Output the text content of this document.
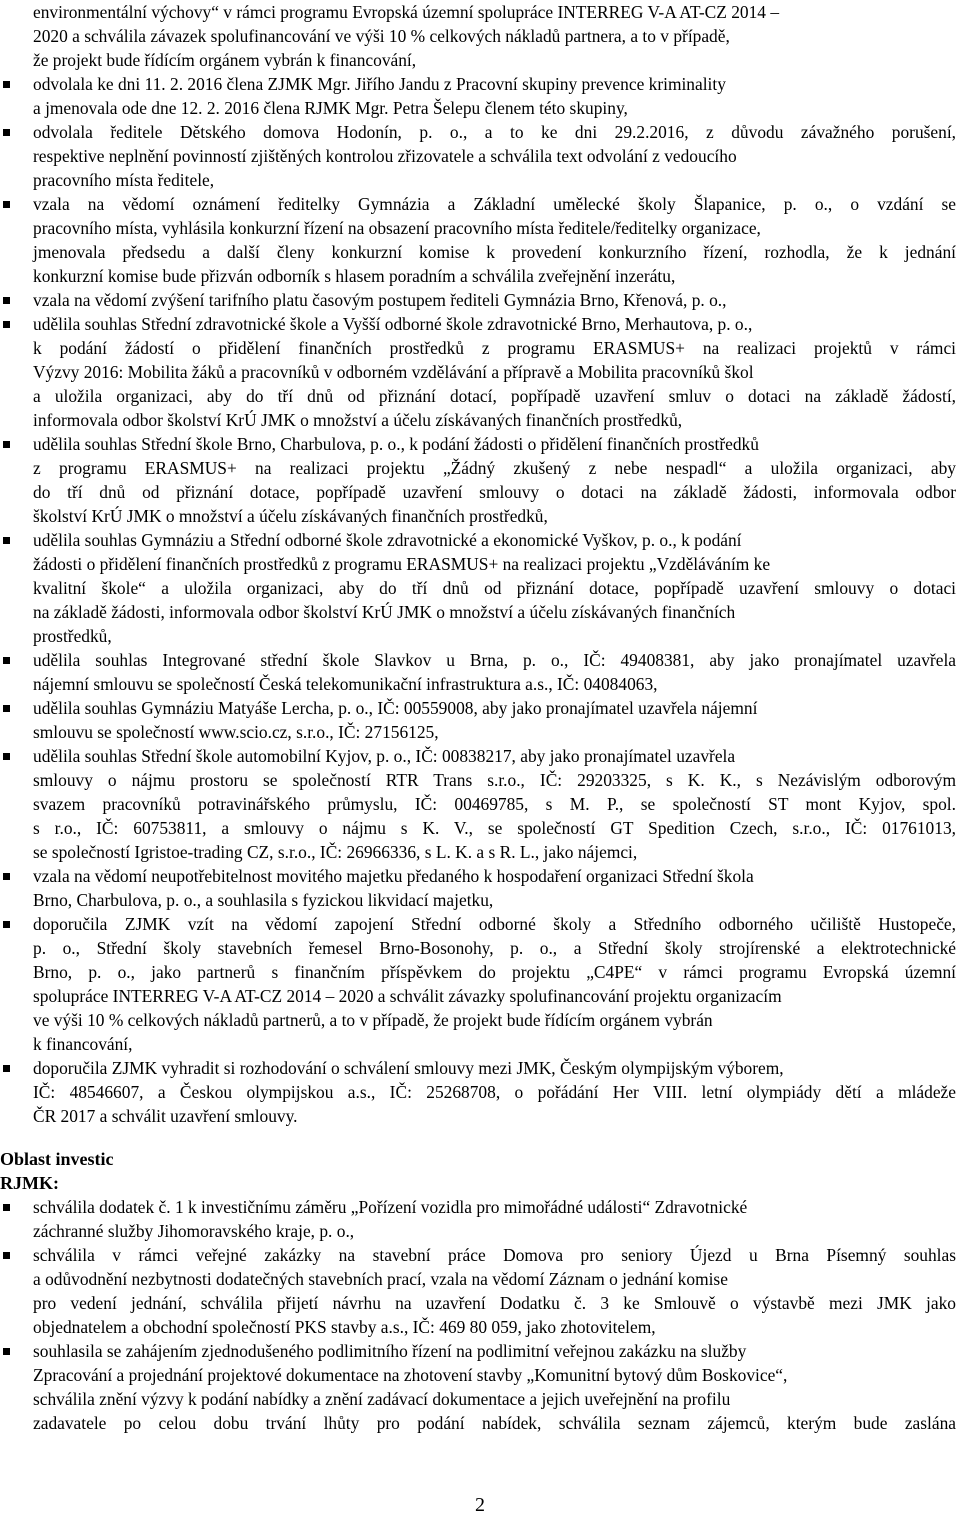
environmentální výchovy“ v rámci programu Evropská územní spolupráce INTERREG V-A AT-CZ 2014 –
2020 a schválila závazek spolufinancování ve výši 10 % celkových nákladů partnera, a to v případě,
že projekt bude řídícím orgánem vybrán k financování,
odvolala ke dni 11. 2. 2016 člena ZJMK Mgr. Jiřího Jandu z Pracovní skupiny prevence kriminality
a jmenovala ode dne 12. 2. 2016 člena RJMK Mgr. Petra Šelepu členem této skupiny,
odvolala ředitele Dětského domova Hodonín, p. o., a to ke dni 29.2.2016, z důvodu závažného porušení,
respektive neplnění povinností zjištěných kontrolou zřizovatele a schválila text odvolání z vedoucího
pracovního místa ředitele,
vzala na vědomí oznámení ředitelky Gymnázia a Základní umělecké školy Šlapanice, p. o., o vzdání se
pracovního místa, vyhlásila konkurzní řízení na obsazení pracovního místa ředitele/ředitelky organizace,
jmenovala předsedu a další členy konkurzní komise k provedení konkurzního řízení, rozhodla, že k jednání
konkurzní komise bude přizván odborník s hlasem poradním a schválila zveřejnění inzerátu,
vzala na vědomí zvýšení tarifního platu časovým postupem řediteli Gymnázia Brno, Křenová, p. o.,
udělila souhlas Střední zdravotnické škole a Vyšší odborné škole zdravotnické Brno, Merhautova, p. o.,
k podání žádostí o přidělení finančních prostředků z programu ERASMUS+ na realizaci projektů v rámci
Výzvy 2016: Mobilita žáků a pracovníků v odborném vzdělávání a přípravě a Mobilita pracovníků škol
a uložila organizaci, aby do tří dnů od přiznání dotací, popřípadě uzavření smluv o dotaci na základě žádostí,
informovala odbor školství KrÚ JMK o množství a účelu získávaných finančních prostředků,
udělila souhlas Střední škole Brno, Charbulova, p. o., k podání žádosti o přidělení finančních prostředků
z programu ERASMUS+ na realizaci projektu „Žádný zkušený z nebe nespadl“ a uložila organizaci, aby
do tří dnů od přiznání dotace, popřípadě uzavření smlouvy o dotaci na základě žádosti, informovala odbor
školství KrÚ JMK o množství a účelu získávaných finančních prostředků,
udělila souhlas Gymnáziu a Střední odborné škole zdravotnické a ekonomické Vyškov, p. o., k podání
žádosti o přidělení finančních prostředků z programu ERASMUS+ na realizaci projektu „Vzděláváním ke
kvalitní škole“ a uložila organizaci, aby do tří dnů od přiznání dotace, popřípadě uzavření smlouvy o dotaci
na základě žádosti, informovala odbor školství KrÚ JMK o množství a účelu získávaných finančních
prostředků,
udělila souhlas Integrované střední škole Slavkov u Brna, p. o., IČ: 49408381, aby jako pronajímatel uzavřela
nájemní smlouvu se společností Česká telekomunikační infrastruktura a.s., IČ: 04084063,
udělila souhlas Gymnáziu Matyáše Lercha, p. o., IČ: 00559008, aby jako pronajímatel uzavřela nájemní
smlouvu se společností www.scio.cz, s.r.o., IČ: 27156125,
udělila souhlas Střední škole automobilní Kyjov, p. o., IČ: 00838217, aby jako pronajímatel uzavřela
smlouvy o nájmu prostoru se společností RTR Trans s.r.o., IČ: 29203325, s K. K., s Nezávislým odborovým
svazem pracovníků potravinářského průmyslu, IČ: 00469785, s M. P., se společností ST mont Kyjov, spol.
s r.o., IČ: 60753811, a smlouvy o nájmu s K. V., se společností GT Spedition Czech, s.r.o., IČ: 01761013,
se společností Igristoe-trading CZ, s.r.o., IČ: 26966336, s L. K. a s R. L., jako nájemci,
vzala na vědomí neupotřebitelnost movitého majetku předaného k hospodaření organizaci Střední škola
Brno, Charbulova, p. o., a souhlasila s fyzickou likvidací majetku,
doporučila ZJMK vzít na vědomí zapojení Střední odborné školy a Středního odborného učiliště Hustopeče,
p. o., Střední školy stavebních řemesel Brno-Bosonohy, p. o., a Střední školy strojírenské a elektrotechnické
Brno, p. o., jako partnerů s finančním příspěvkem do projektu „C4PE“ v rámci programu Evropská územní
spolupráce INTERREG V-A AT-CZ 2014 – 2020 a schválit závazky spolufinancování projektu organizacím
ve výši 10 % celkových nákladů partnerů, a to v případě, že projekt bude řídícím orgánem vybrán
k financování,
doporučila ZJMK vyhradit si rozhodování o schválení smlouvy mezi JMK, Českým olympijským výborem,
IČ: 48546607, a Českou olympijskou a.s., IČ: 25268708, o pořádání Her VIII. letní olympiády dětí a mládeže
ČR 2017 a schválit uzavření smlouvy.
Oblast investic
RJMK:
schválila dodatek č. 1 k investičnímu záměru „Pořízení vozidla pro mimořádné události“ Zdravotnické
záchranné služby Jihomoravského kraje, p. o.,
schválila v rámci veřejné zakázky na stavební práce Domova pro seniory Újezd u Brna Písemný souhlas
a odůvodnění nezbytnosti dodatečných stavebních prací, vzala na vědomí Záznam o jednání komise
pro vedení jednání, schválila přijetí návrhu na uzavření Dodatku č. 3 ke Smlouvě o výstavbě mezi JMK jako
objednatelem a obchodní společností PKS stavby a.s., IČ: 469 80 059, jako zhotovitelem,
souhlasila se zahájením zjednodušeného podlimitního řízení na podlimitní veřejnou zakázku na služby
Zpracování a projednání projektové dokumentace na zhotovení stavby „Komunitní bytový dům Boskovice“,
schválila znění výzvy k podání nabídky a znění zadávací dokumentace a jejich uveřejnění na profilu
zadavatele po celou dobu trvání lhůty pro podání nabídek, schválila seznam zájemců, kterým bude zaslána
2
